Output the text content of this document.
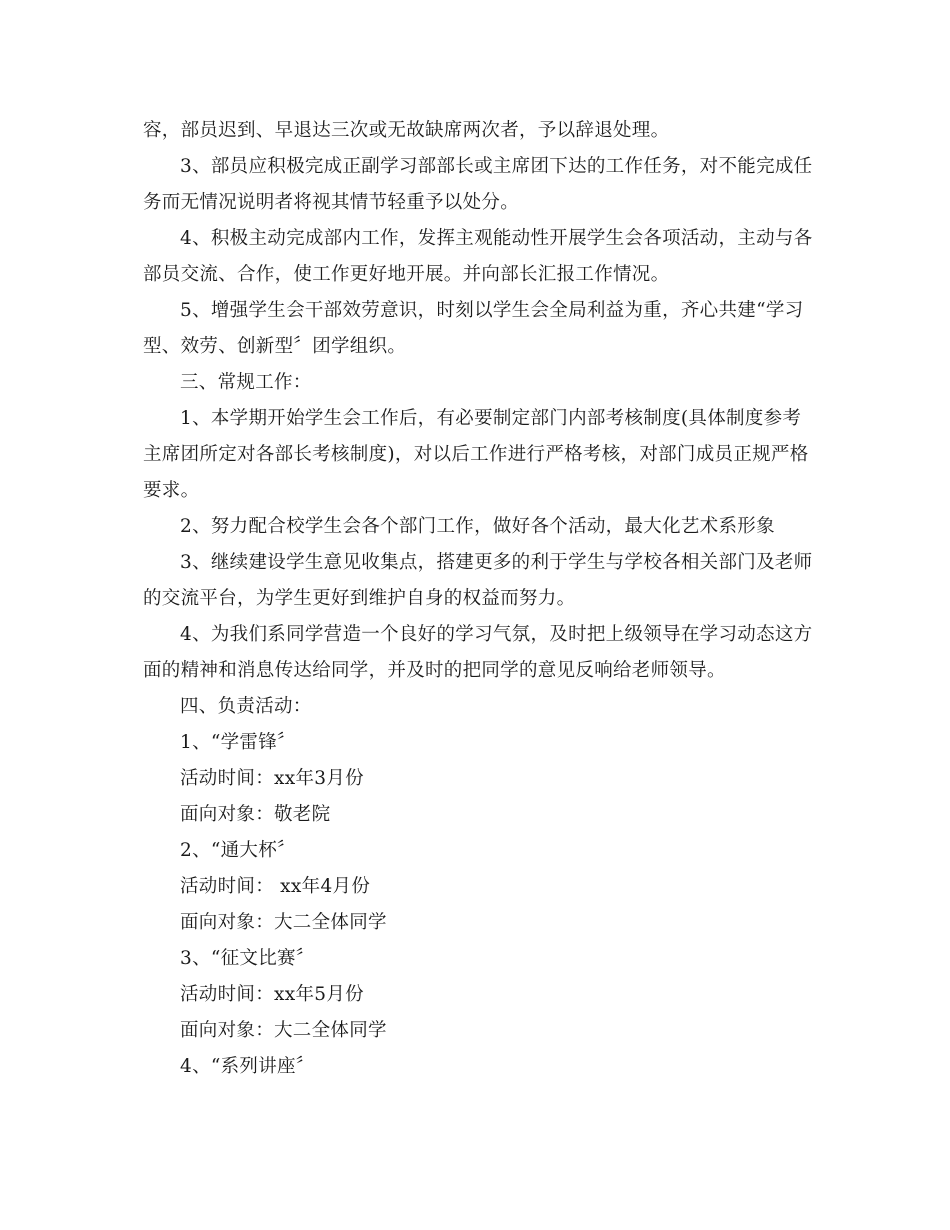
容，部员迟到、早退达三次或无故缺席两次者，予以辞退处理。

3、部员应积极完成正副学习部部长或主席团下达的工作任务，对不能完成任

务而无情况说明者将视其情节轻重予以处分。

4、积极主动完成部内工作，发挥主观能动性开展学生会各项活动，主动与各

部员交流、合作，使工作更好地开展。并向部长汇报工作情况。

5、增强学生会干部效劳意识，时刻以学生会全局利益为重，齐心共建“学习

型、效劳、创新型〞团学组织。

三、常规工作：

1、本学期开始学生会工作后，有必要制定部门内部考核制度(具体制度参考

主席团所定对各部长考核制度)，对以后工作进行严格考核，对部门成员正规严格

要求。

2、努力配合校学生会各个部门工作，做好各个活动，最大化艺术系形象

3、继续建设学生意见收集点，搭建更多的利于学生与学校各相关部门及老师

的交流平台，为学生更好到维护自身的权益而努力。

4、为我们系同学营造一个良好的学习气氛，及时把上级领导在学习动态这方

面的精神和消息传达给同学，并及时的把同学的意见反响给老师领导。

四、负责活动：

1、“学雷锋〞

活动时间：xx年3月份

面向对象：敬老院

2、“通大杯〞

活动时间： xx年4月份

面向对象：大二全体同学

3、“征文比赛〞

活动时间：xx年5月份

面向对象：大二全体同学

4、“系列讲座〞
